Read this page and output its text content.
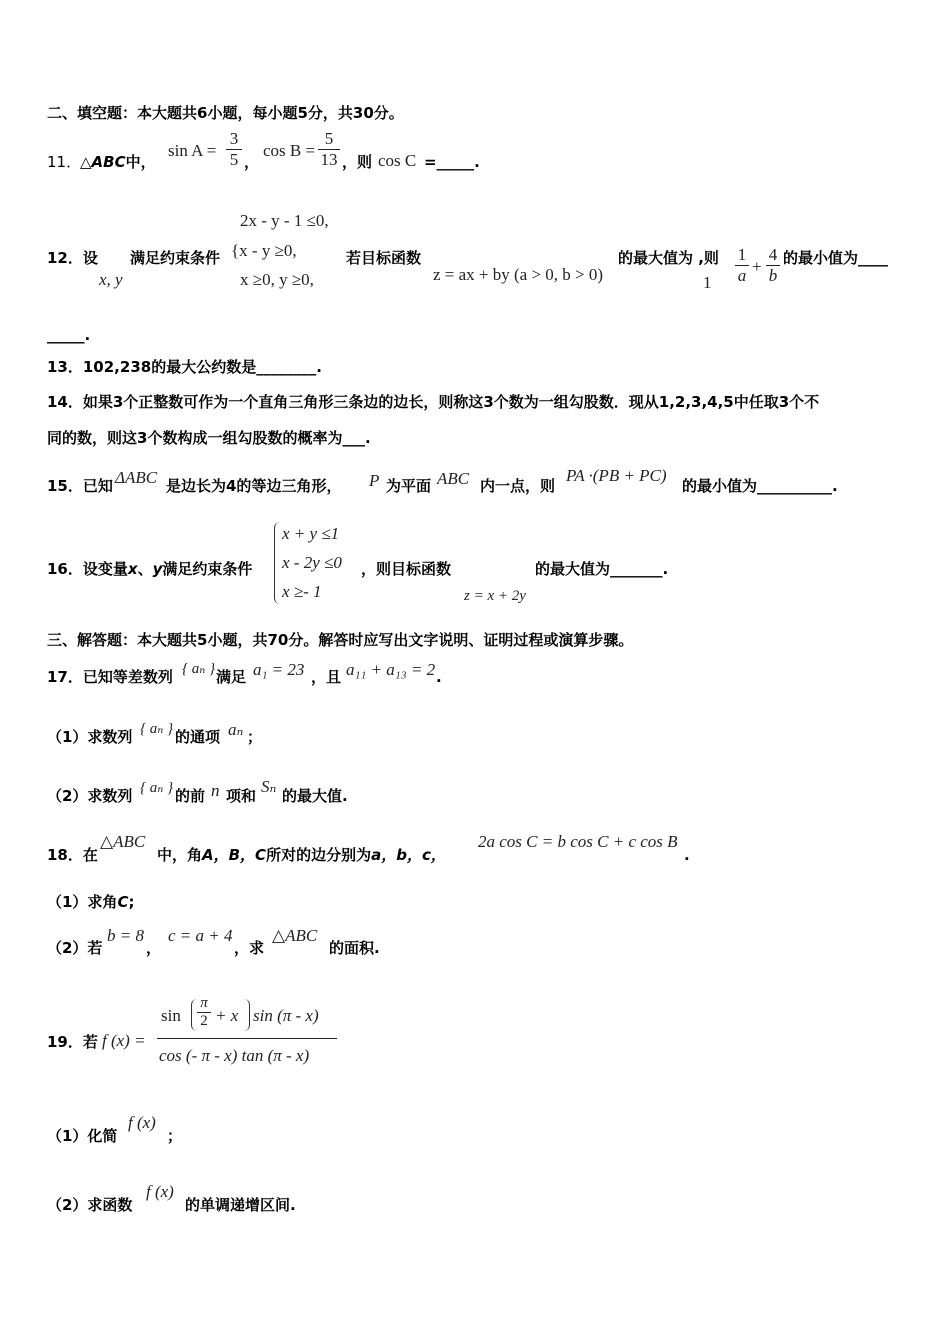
二、填空题：本大题共6小题，每小题5分，共30分。
11．
△ABC中，
sin A =
3
5 ，
cos B =
5
13 ，则 cos C =_____.
12．设
x, y
满足约束条件
2x - y - 1 ≤0,
{x - y ≥0,
x ≥0, y ≥0,
若目标函数
z = ax + by (a > 0, b > 0)
的最大值为 ,则
1
1
a +
4
b
的最小值为____
_____.
13．102,238的最大公约数是________.
14．如果3个正整数可作为一个直角三角形三条边的边长，则称这3个数为一组勾股数．现从1,2,3,4,5中任取3个不
同的数，则这3个数构成一组勾股数的概率为___.
15．已知 ΔABC 是边长为4的等边三角形， P 为平面 ABC 内一点，则
PA ·(PB + PC)
的最小值为__________.
16．设变量x、y满足约束条件
x + y ≤1
x - 2y ≤0
x ≥- 1
，则目标函数
z = x + 2y
的最大值为_______.
三、解答题：本大题共5小题，共70分。解答时应写出文字说明、证明过程或演算步骤。
17．已知等差数列 { aₙ } 满足 a₁ = 23 ，且 a₁₁ + a₁₃ = 2 .
（1）求数列 { aₙ } 的通项 aₙ ；
（2）求数列 { aₙ } 的前 n 项和 Sₙ 的最大值.
18．在
△ABC
中，角A，B，C所对的边分别为a，b，c，
2a cos C = b cos C + c cos B
.
（1）求角C;
（2）若
b = 8
，
c = a + 4
，求
△ABC
的面积.
19．若 f (x) =
sin
π
2 + x sin (π - x)
cos (- π - x) tan (π - x)
（1）化简
f (x)
；
（2）求函数
f (x)
的单调递增区间.
